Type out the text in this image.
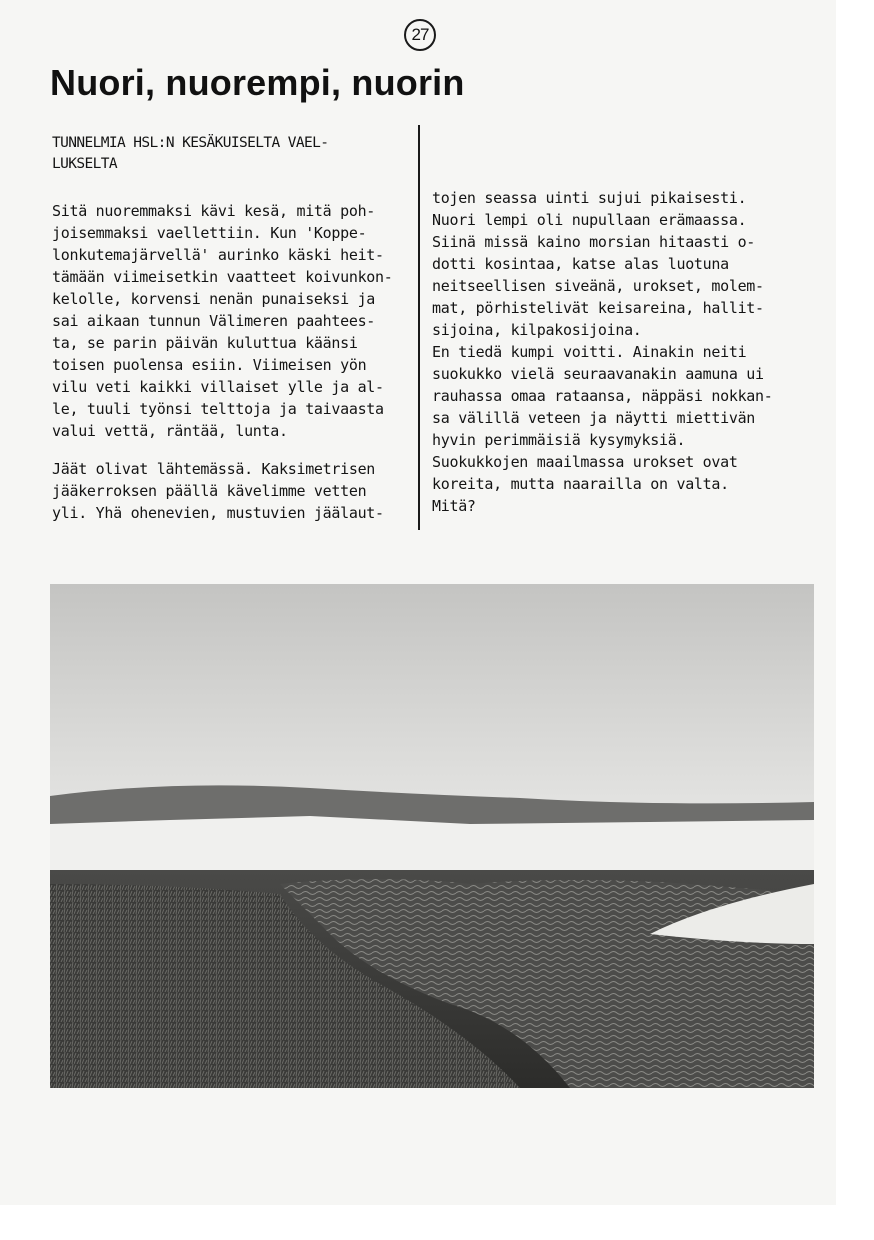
27
Nuori, nuorempi, nuorin

TUNNELMIA HSL:N KESÄKUISELTA VAEL-
LUKSELTA

Sitä nuoremmaksi kävi kesä, mitä poh-
joisemmaksi vaellettiin. Kun 'Koppe-
lonkutemajärvellä' aurinko käski heit-
tämään viimeisetkin vaatteet koivunkon-
kelolle, korvensi nenän punaiseksi ja
sai aikaan tunnun Välimeren paahtees-
ta, se parin päivän kuluttua käänsi
toisen puolensa esiin. Viimeisen yön
vilu veti kaikki villaiset ylle ja al-
le, tuuli työnsi telttoja ja taivaasta
valui vettä, räntää, lunta.

Jäät olivat lähtemässä. Kaksimetrisen
jääkerroksen päällä kävelimme vetten
yli. Yhä ohenevien, mustuvien jäälaut-

tojen seassa uinti sujui pikaisesti.

Nuori lempi oli nupullaan erämaassa.
Siinä missä kaino morsian hitaasti o-
dotti kosintaa, katse alas luotuna
neitseellisen siveänä, urokset, molem-
mat, pörhistelivät keisareina, hallit-
sijoina, kilpakosijoina.

En tiedä kumpi voitti. Ainakin neiti
suokukko vielä seuraavanakin aamuna ui
rauhassa omaa rataansa, näppäsi nokkan-
sa välillä veteen ja näytti miettivän
hyvin perimmäisiä kysymyksiä.

Suokukkojen maailmassa urokset ovat
koreita, mutta naarailla on valta.
Mitä?
